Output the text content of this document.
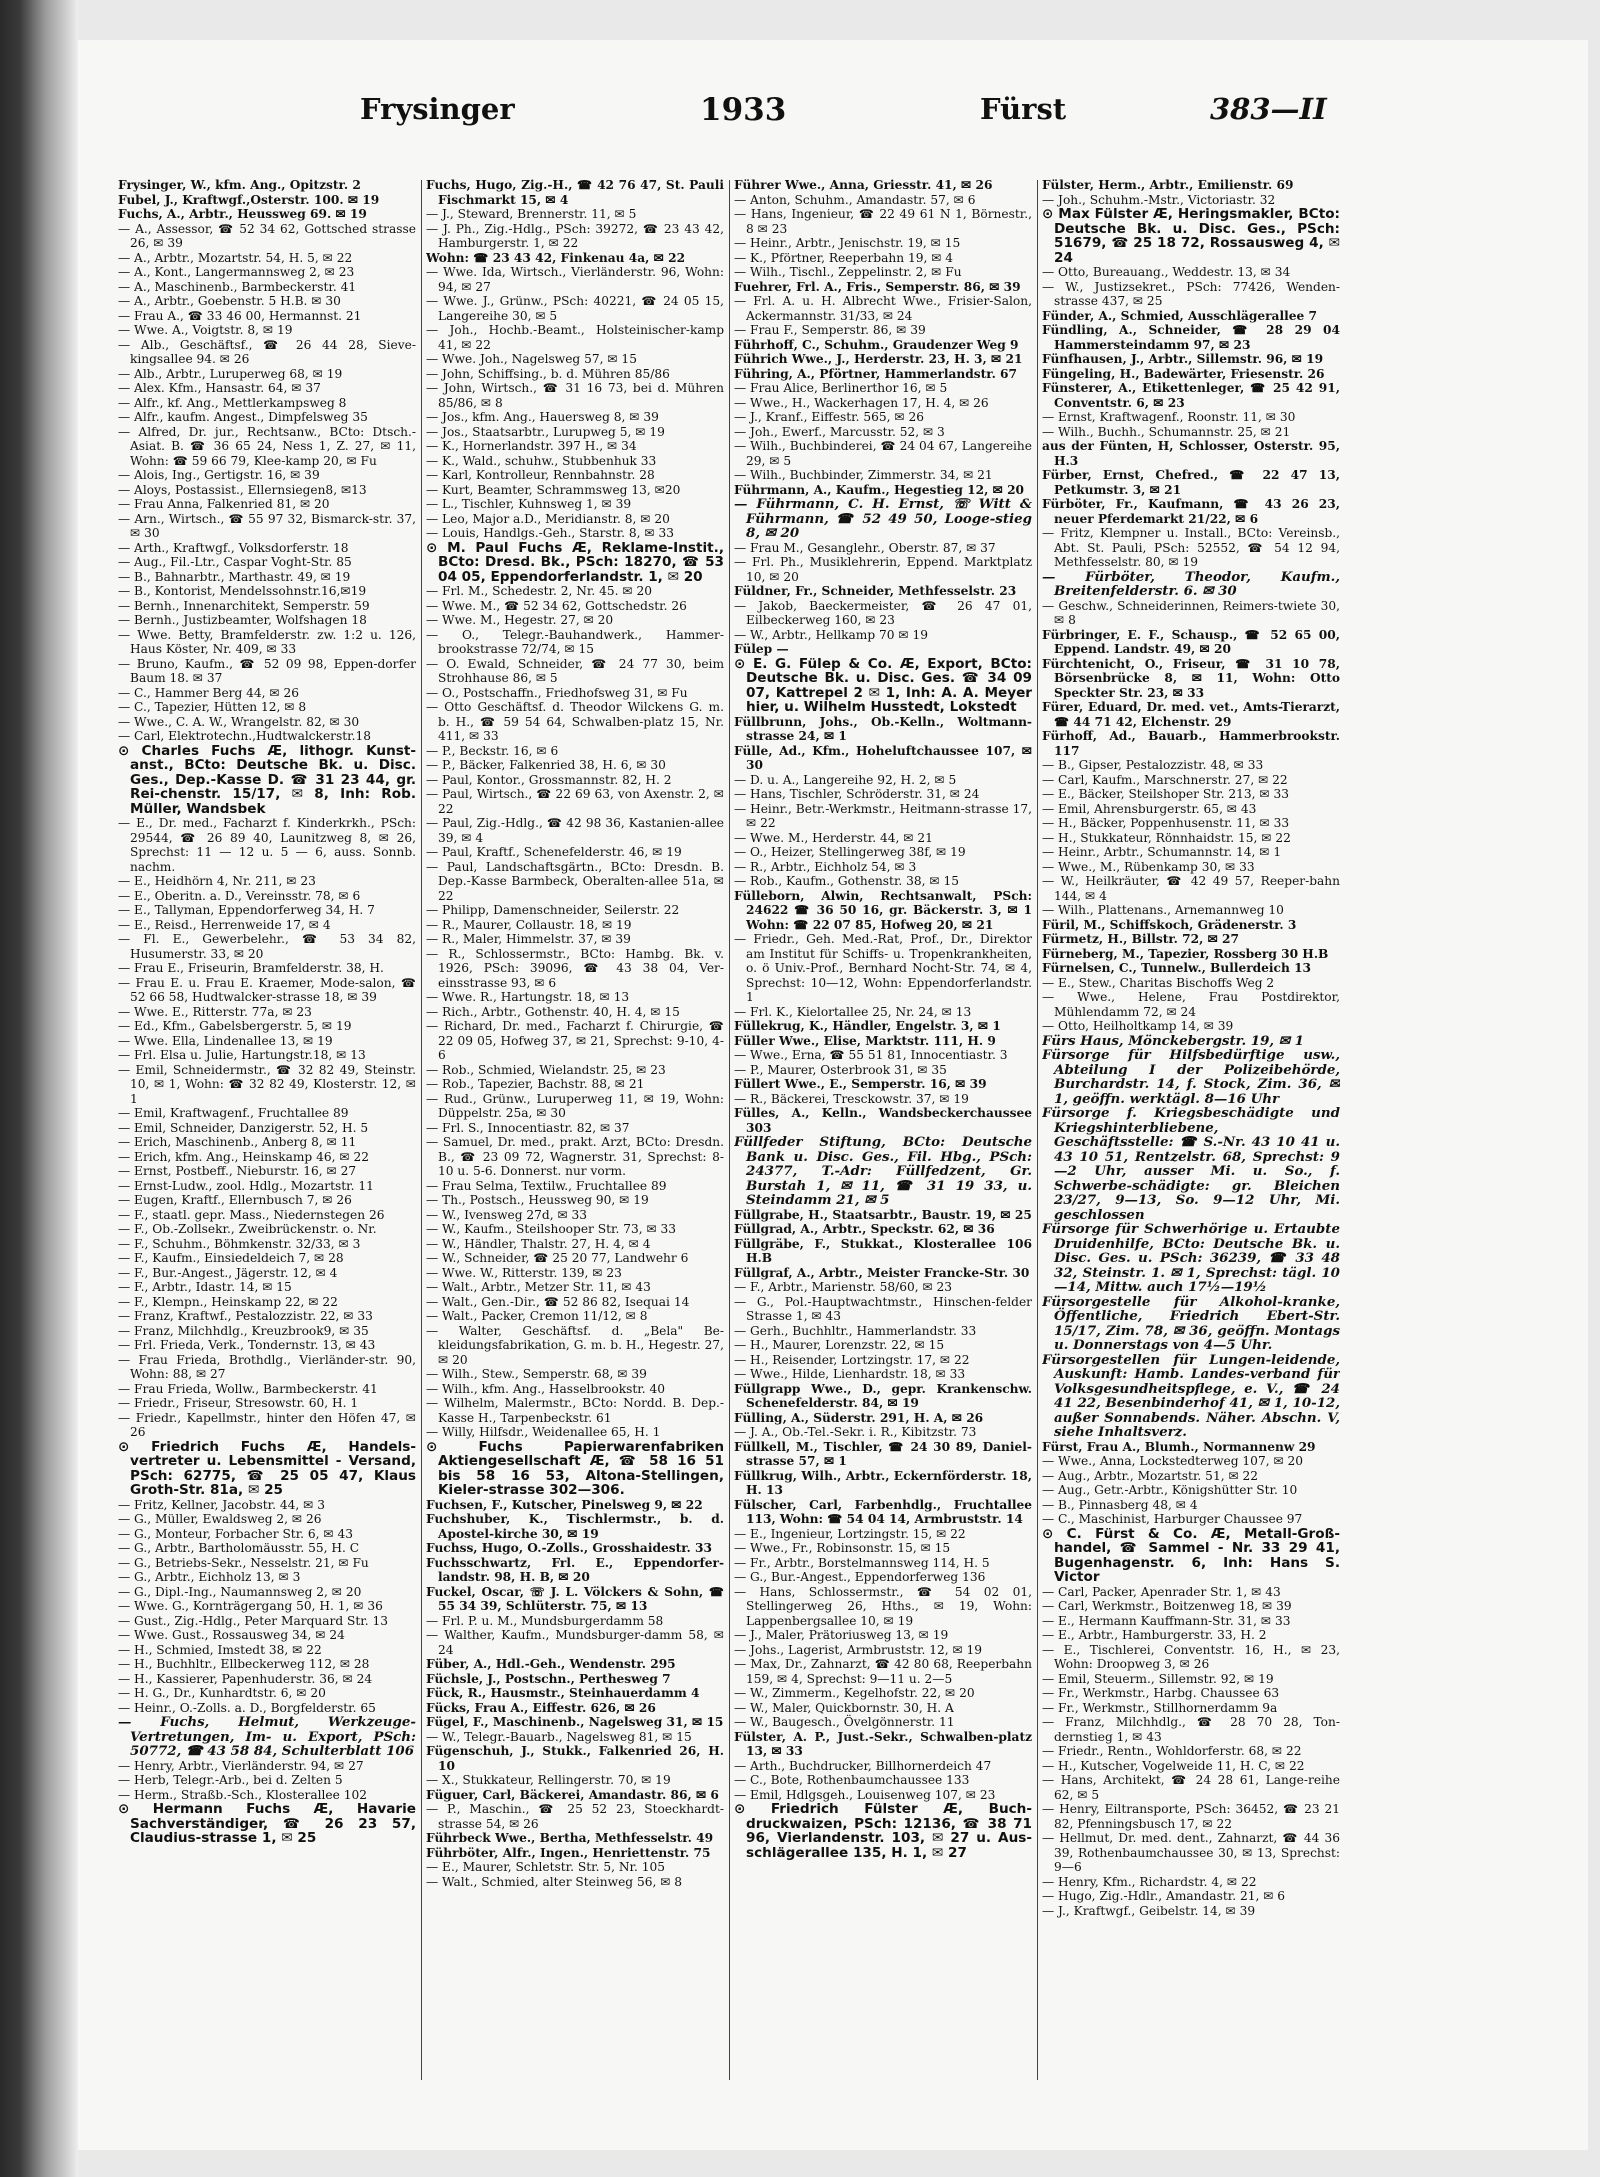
Frysinger	1933	Fürst	383—II

Frysinger, W., kfm. Ang., Opitzstr. 2

Fubel, J., Kraftwgf.,Osterstr. 100. ✉ 19

Fuchs, A., Arbtr., Heussweg 69. ✉ 19

— A., Assessor, ☎ 52 34 62, Gottsched strasse 26, ✉ 39

— A., Arbtr., Mozartstr. 54, H. 5, ✉ 22

— A., Kont., Langermannsweg 2, ✉ 23

— A., Maschinenb., Barmbeckerstr. 41

— A., Arbtr., Goebenstr. 5 H.B. ✉ 30

— Frau A., ☎ 33 46 00, Hermannst. 21

— Wwe. A., Voigtstr. 8, ✉ 19

— Alb., Geschäftsf., ☎ 26 44 28, Sieve-kingsallee 94. ✉ 26

— Alb., Arbtr., Luruperweg 68, ✉ 19

— Alex. Kfm., Hansastr. 64, ✉ 37

— Alfr., kf. Ang., Mettlerkampsweg 8

— Alfr., kaufm. Angest., Dimpfelsweg 35

— Alfred, Dr. jur., Rechtsanw., BCto: Dtsch.-Asiat. B. ☎ 36 65 24, Ness 1, Z. 27, ✉ 11, Wohn: ☎ 59 66 79, Klee-kamp 20, ✉ Fu

— Alois, Ing., Gertigstr. 16, ✉ 39

— Aloys, Postassist., Ellernsiegen8, ✉13

— Frau Anna, Falkenried 81, ✉ 20

— Arn., Wirtsch., ☎ 55 97 32, Bismarck-str. 37, ✉ 30

— Arth., Kraftwgf., Volksdorferstr. 18

— Aug., Fil.-Ltr., Caspar Voght-Str. 85

— B., Bahnarbtr., Marthastr. 49, ✉ 19

— B., Kontorist, Mendelssohnstr.16,✉19

— Bernh., Innenarchitekt, Semperstr. 59

— Bernh., Justizbeamter, Wolfshagen 18

— Wwe. Betty, Bramfelderstr. zw. 1:2 u. 126, Haus Köster, Nr. 409, ✉ 33

— Bruno, Kaufm., ☎ 52 09 98, Eppen-dorfer Baum 18. ✉ 37

— C., Hammer Berg 44, ✉ 26

— C., Tapezier, Hütten 12, ✉ 8

— Wwe., C. A. W., Wrangelstr. 82, ✉ 30

— Carl, Elektrotechn.,Hudtwalckerstr.18

⊙ Charles Fuchs Æ, lithogr. Kunst-anst., BCto: Deutsche Bk. u. Disc. Ges., Dep.-Kasse D. ☎ 31 23 44, gr. Rei-chenstr. 15/17, ✉ 8, Inh: Rob. Müller, Wandsbek

— E., Dr. med., Facharzt f. Kinderkrkh., PSch: 29544, ☎ 26 89 40, Launitzweg 8, ✉ 26, Sprechst: 11 — 12 u. 5 — 6, auss. Sonnb. nachm.

— E., Heidhörn 4, Nr. 211, ✉ 23

— E., Oberitn. a. D., Vereinsstr. 78, ✉ 6

— E., Tallyman, Eppendorferweg 34, H. 7

— E., Reisd., Herrenweide 17, ✉ 4

— Fl. E., Gewerbelehr., ☎ 53 34 82, Husumerstr. 33, ✉ 20

— Frau E., Friseurin, Bramfelderstr. 38, H.

— Frau E. u. Frau E. Kraemer, Mode-salon, ☎ 52 66 58, Hudtwalcker-strasse 18, ✉ 39

— Wwe. E., Ritterstr. 77a, ✉ 23

— Ed., Kfm., Gabelsbergerstr. 5, ✉ 19

— Wwe. Ella, Lindenallee 13, ✉ 19

— Frl. Elsa u. Julie, Hartungstr.18, ✉ 13

— Emil, Schneidermstr., ☎ 32 82 49, Steinstr. 10, ✉ 1, Wohn: ☎ 32 82 49, Klosterstr. 12, ✉ 1

— Emil, Kraftwagenf., Fruchtallee 89

— Emil, Schneider, Danzigerstr. 52, H. 5

— Erich, Maschinenb., Anberg 8, ✉ 11

— Erich, kfm. Ang., Heinskamp 46, ✉ 22

— Ernst, Postbeff., Nieburstr. 16, ✉ 27

— Ernst-Ludw., zool. Hdlg., Mozartstr. 11

— Eugen, Kraftf., Ellernbusch 7, ✉ 26

— F., staatl. gepr. Mass., Niedernstegen 26

— F., Ob.-Zollsekr., Zweibrückenstr. o. Nr.

— F., Schuhm., Böhmkenstr. 32/33, ✉ 3

— F., Kaufm., Einsiedeldeich 7, ✉ 28

— F., Bur.-Angest., Jägerstr. 12, ✉ 4

— F., Arbtr., Idastr. 14, ✉ 15

— F., Klempn., Heinskamp 22, ✉ 22

— Franz, Kraftwf., Pestalozzistr. 22, ✉ 33

— Franz, Milchhdlg., Kreuzbrook9, ✉ 35

— Frl. Frieda, Verk., Tondernstr. 13, ✉ 43

— Frau Frieda, Brothdlg., Vierländer-str. 90, Wohn: 88, ✉ 27

— Frau Frieda, Wollw., Barmbeckerstr. 41

— Friedr., Friseur, Stresowstr. 60, H. 1

— Friedr., Kapellmstr., hinter den Höfen 47, ✉ 26

⊙ Friedrich Fuchs Æ, Handels-vertreter u. Lebensmittel - Versand, PSch: 62775, ☎ 25 05 47, Klaus Groth-Str. 81a, ✉ 25

— Fritz, Kellner, Jacobstr. 44, ✉ 3

— G., Müller, Ewaldsweg 2, ✉ 26

— G., Monteur, Forbacher Str. 6, ✉ 43

— G., Arbtr., Bartholomäusstr. 55, H. C

— G., Betriebs-Sekr., Nesselstr. 21, ✉ Fu

— G., Arbtr., Eichholz 13, ✉ 3

— G., Dipl.-Ing., Naumannsweg 2, ✉ 20

— Wwe. G., Kornträgergang 50, H. 1, ✉ 36

— Gust., Zig.-Hdlg., Peter Marquard Str. 13

— Wwe. Gust., Rossausweg 34, ✉ 24

— H., Schmied, Imstedt 38, ✉ 22

— H., Buchhltr., Ellbeckerweg 112, ✉ 28

— H., Kassierer, Papenhuderstr. 36, ✉ 24

— H. G., Dr., Kunhardtstr. 6, ✉ 20

— Heinr., O.-Zolls. a. D., Borgfelderstr. 65

— Fuchs, Helmut, Werkzeuge-Vertretungen, Im- u. Export, PSch: 50772, ☎ 43 58 84, Schulterblatt 106

— Henry, Arbtr., Vierländerstr. 94, ✉ 27

— Herb, Telegr.-Arb., bei d. Zelten 5

— Herm., Straßb.-Sch., Klosterallee 102

⊙ Hermann Fuchs Æ, Havarie Sachverständiger, ☎ 26 23 57, Claudius-strasse 1, ✉ 25

Fuchs, Hugo, Zig.-H., ☎ 42 76 47, St. Pauli Fischmarkt 15, ✉ 4

— J., Steward, Brennerstr. 11, ✉ 5

— J. Ph., Zig.-Hdlg., PSch: 39272, ☎ 23 43 42, Hamburgerstr. 1, ✉ 22

Wohn: ☎ 23 43 42, Finkenau 4a, ✉ 22

— Wwe. Ida, Wirtsch., Vierländerstr. 96, Wohn: 94, ✉ 27

— Wwe. J., Grünw., PSch: 40221, ☎ 24 05 15, Langereihe 30, ✉ 5

— Joh., Hochb.-Beamt., Holsteinischer-kamp 41, ✉ 22

— Wwe. Joh., Nagelsweg 57, ✉ 15

— John, Schiffsing., b. d. Mühren 85/86

— John, Wirtsch., ☎ 31 16 73, bei d. Mühren 85/86, ✉ 8

— Jos., kfm. Ang., Hauersweg 8, ✉ 39

— Jos., Staatsarbtr., Lurupweg 5, ✉ 19

— K., Hornerlandstr. 397 H., ✉ 34

— K., Wald., schuhw., Stubbenhuk 33

— Karl, Kontrolleur, Rennbahnstr. 28

— Kurt, Beamter, Schrammsweg 13, ✉20

— L., Tischler, Kuhnsweg 1, ✉ 39

— Leo, Major a.D., Meridianstr. 8, ✉ 20

— Louis, Handlgs.-Geh., Starstr. 8, ✉ 33

⊙ M. Paul Fuchs Æ, Reklame-Instit., BCto: Dresd. Bk., PSch: 18270, ☎ 53 04 05, Eppendorferlandstr. 1, ✉ 20

— Frl. M., Schedestr. 2, Nr. 45. ✉ 20

— Wwe. M., ☎ 52 34 62, Gottschedstr. 26

— Wwe. M., Hegestr. 27, ✉ 20

— O., Telegr.-Bauhandwerk., Hammer-brookstrasse 72/74, ✉ 15

— O. Ewald, Schneider, ☎ 24 77 30, beim Strohhause 86, ✉ 5

— O., Postschaffn., Friedhofsweg 31, ✉ Fu

— Otto Geschäftsf. d. Theodor Wilckens G. m. b. H., ☎ 59 54 64, Schwalben-platz 15, Nr. 411, ✉ 33

— P., Beckstr. 16, ✉ 6

— P., Bäcker, Falkenried 38, H. 6, ✉ 30

— Paul, Kontor., Grossmannstr. 82, H. 2

— Paul, Wirtsch., ☎ 22 69 63, von Axenstr. 2, ✉ 22

— Paul, Zig.-Hdlg., ☎ 42 98 36, Kastanien-allee 39, ✉ 4

— Paul, Kraftf., Schenefelderstr. 46, ✉ 19

— Paul, Landschaftsgärtn., BCto: Dresdn. B. Dep.-Kasse Barmbeck, Oberalten-allee 51a, ✉ 22

— Philipp, Damenschneider, Seilerstr. 22

— R., Maurer, Collaustr. 18, ✉ 19

— R., Maler, Himmelstr. 37, ✉ 39

— R., Schlossermstr., BCto: Hambg. Bk. v. 1926, PSch: 39096, ☎ 43 38 04, Ver-einsstrasse 93, ✉ 6

— Wwe. R., Hartungstr. 18, ✉ 13

— Rich., Arbtr., Gothenstr. 40, H. 4, ✉ 15

— Richard, Dr. med., Facharzt f. Chirurgie, ☎ 22 09 05, Hofweg 37, ✉ 21, Sprechst: 9-10, 4-6

— Rob., Schmied, Wielandstr. 25, ✉ 23

— Rob., Tapezier, Bachstr. 88, ✉ 21

— Rud., Grünw., Luruperweg 11, ✉ 19, Wohn: Düppelstr. 25a, ✉ 30

— Frl. S., Innocentiastr. 82, ✉ 37

— Samuel, Dr. med., prakt. Arzt, BCto: Dresdn. B., ☎ 23 09 72, Wagnerstr. 31, Sprechst: 8-10 u. 5-6. Donnerst. nur vorm.

— Frau Selma, Textilw., Fruchtallee 89

— Th., Postsch., Heussweg 90, ✉ 19

— W., Ivensweg 27d, ✉ 33

— W., Kaufm., Steilshooper Str. 73, ✉ 33

— W., Händler, Thalstr. 27, H. 4, ✉ 4

— W., Schneider, ☎ 25 20 77, Landwehr 6

— Wwe. W., Ritterstr. 139, ✉ 23

— Walt., Arbtr., Metzer Str. 11, ✉ 43

— Walt., Gen.-Dir., ☎ 52 86 82, Isequai 14

— Walt., Packer, Cremon 11/12, ✉ 8

— Walter, Geschäftsf. d. „Bela" Be-kleidungsfabrikation, G. m. b. H., Hegestr. 27, ✉ 20

— Wilh., Stew., Semperstr. 68, ✉ 39

— Wilh., kfm. Ang., Hasselbrookstr. 40

— Wilhelm, Malermstr., BCto: Nordd. B. Dep.-Kasse H., Tarpenbeckstr. 61

— Willy, Hilfsdr., Weidenallee 65, H. 1

⊙ Fuchs Papierwarenfabriken Aktiengesellschaft Æ, ☎ 58 16 51 bis 58 16 53, Altona-Stellingen, Kieler-strasse 302—306.

Fuchsen, F., Kutscher, Pinelsweg 9, ✉ 22

Fuchshuber, K., Tischlermstr., b. d. Apostel-kirche 30, ✉ 19

Fuchss, Hugo, O.-Zolls., Grosshaidestr. 33

Fuchsschwartz, Frl. E., Eppendorfer-landstr. 98, H. B, ✉ 20

Fuckel, Oscar, ☏ J. L. Völckers & Sohn, ☎ 55 34 39, Schlüterstr. 75, ✉ 13

— Frl. P. u. M., Mundsburgerdamm 58

— Walther, Kaufm., Mundsburger-damm 58, ✉ 24

Füber, A., Hdl.-Geh., Wendenstr. 295

Füchsle, J., Postschn., Perthesweg 7

Fück, R., Hausmstr., Steinhauerdamm 4

Fücks, Frau A., Eiffestr. 626, ✉ 26

Fügel, F., Maschinenb., Nagelsweg 31, ✉ 15

— W., Telegr.-Bauarb., Nagelsweg 81, ✉ 15

Fügenschuh, J., Stukk., Falkenried 26, H. 10

— X., Stukkateur, Rellingerstr. 70, ✉ 19

Füguer, Carl, Bäckerei, Amandastr. 86, ✉ 6

— P., Maschin., ☎ 25 52 23, Stoeckhardt-strasse 54, ✉ 26

Führbeck Wwe., Bertha, Methfesselstr. 49

Führböter, Alfr., Ingen., Henriettenstr. 75

— E., Maurer, Schletstr. Str. 5, Nr. 105

— Walt., Schmied, alter Steinweg 56, ✉ 8

Führer Wwe., Anna, Griesstr. 41, ✉ 26

— Anton, Schuhm., Amandastr. 57, ✉ 6

— Hans, Ingenieur, ☎ 22 49 61 N 1, Börnestr., 8 ✉ 23

— Heinr., Arbtr., Jenischstr. 19, ✉ 15

— K., Pförtner, Reeperbahn 19, ✉ 4

— Wilh., Tischl., Zeppelinstr. 2, ✉ Fu

Fuehrer, Frl. A., Fris., Semperstr. 86, ✉ 39

— Frl. A. u. H. Albrecht Wwe., Frisier-Salon, Ackermannstr. 31/33, ✉ 24

— Frau F., Semperstr. 86, ✉ 39

Führhoff, C., Schuhm., Graudenzer Weg 9

Führich Wwe., J., Herderstr. 23, H. 3, ✉ 21

Führing, A., Pförtner, Hammerlandstr. 67

— Frau Alice, Berlinerthor 16, ✉ 5

— Wwe., H., Wackerhagen 17, H. 4, ✉ 26

— J., Kranf., Eiffestr. 565, ✉ 26

— Joh., Ewerf., Marcusstr. 52, ✉ 3

— Wilh., Buchbinderei, ☎ 24 04 67, Langereihe 29, ✉ 5

— Wilh., Buchbinder, Zimmerstr. 34, ✉ 21

Führmann, A., Kaufm., Hegestieg 12, ✉ 20

— Führmann, C. H. Ernst, ☏ Witt & Führmann, ☎ 52 49 50, Looge-stieg 8, ✉ 20

— Frau M., Gesanglehr., Oberstr. 87, ✉ 37

— Frl. Ph., Musiklehrerin, Eppend. Marktplatz 10, ✉ 20

Füldner, Fr., Schneider, Methfesselstr. 23

— Jakob, Baeckermeister, ☎ 26 47 01, Eilbeckerweg 160, ✉ 23

— W., Arbtr., Hellkamp 70 ✉ 19

Fülep —

⊙ E. G. Fülep & Co. Æ, Export, BCto: Deutsche Bk. u. Disc. Ges. ☎ 34 09 07, Kattrepel 2 ✉ 1, Inh: A. A. Meyer hier, u. Wilhelm Husstedt, Lokstedt

Füllbrunn, Johs., Ob.-Kelln., Woltmann-strasse 24, ✉ 1

Fülle, Ad., Kfm., Hoheluftchaussee 107, ✉ 30

— D. u. A., Langereihe 92, H. 2, ✉ 5

— Hans, Tischler, Schröderstr. 31, ✉ 24

— Heinr., Betr.-Werkmstr., Heitmann-strasse 17, ✉ 22

— Wwe. M., Herderstr. 44, ✉ 21

— O., Heizer, Stellingerweg 38f, ✉ 19

— R., Arbtr., Eichholz 54, ✉ 3

— Rob., Kaufm., Gothenstr. 38, ✉ 15

Fülleborn, Alwin, Rechtsanwalt, PSch: 24622 ☎ 36 50 16, gr. Bäckerstr. 3, ✉ 1 Wohn: ☎ 22 07 85, Hofweg 20, ✉ 21

— Friedr., Geh. Med.-Rat, Prof., Dr., Direktor am Institut für Schiffs- u. Tropenkrankheiten, o. ö Univ.-Prof., Bernhard Nocht-Str. 74, ✉ 4, Sprechst: 10—12, Wohn: Eppendorferlandstr. 1

— Frl. K., Kielortallee 25, Nr. 24, ✉ 13

Füllekrug, K., Händler, Engelstr. 3, ✉ 1

Füller Wwe., Elise, Marktstr. 111, H. 9

— Wwe., Erna, ☎ 55 51 81, Innocentiastr. 3

— P., Maurer, Osterbrook 31, ✉ 35

Füllert Wwe., E., Semperstr. 16, ✉ 39

— R., Bäckerei, Tresckowstr. 37, ✉ 19

Fülles, A., Kelln., Wandsbeckerchaussee 303

Füllfeder Stiftung, BCto: Deutsche Bank u. Disc. Ges., Fil. Hbg., PSch: 24377, T.-Adr: Füllfedzent, Gr. Burstah 1, ✉ 11, ☎ 31 19 33, u. Steindamm 21, ✉ 5

Füllgrabe, H., Staatsarbtr., Baustr. 19, ✉ 25

Füllgrad, A., Arbtr., Speckstr. 62, ✉ 36

Füllgräbe, F., Stukkat., Klosterallee 106 H.B

Füllgraf, A., Arbtr., Meister Francke-Str. 30

— F., Arbtr., Marienstr. 58/60, ✉ 23

— G., Pol.-Hauptwachtmstr., Hinschen-felder Strasse 1, ✉ 43

— Gerh., Buchhltr., Hammerlandstr. 33

— H., Maurer, Lorenzstr. 22, ✉ 15

— H., Reisender, Lortzingstr. 17, ✉ 22

— Wwe., Hilde, Lienhardstr. 18, ✉ 33

Füllgrapp Wwe., D., gepr. Krankenschw. Schenefelderstr. 84, ✉ 19

Fülling, A., Süderstr. 291, H. A, ✉ 26

— J. A., Ob.-Tel.-Sekr. i. R., Kibitzstr. 73

Füllkell, M., Tischler, ☎ 24 30 89, Daniel-strasse 57, ✉ 1

Füllkrug, Wilh., Arbtr., Eckernförderstr. 18, H. 13

Fülscher, Carl, Farbenhdlg., Fruchtallee 113, Wohn: ☎ 54 04 14, Armbruststr. 14

— E., Ingenieur, Lortzingstr. 15, ✉ 22

— Wwe., Fr., Robinsonstr. 15, ✉ 15

— Fr., Arbtr., Borstelmannsweg 114, H. 5

— G., Bur.-Angest., Eppendorferweg 136

— Hans, Schlossermstr., ☎ 54 02 01, Stellingerweg 26, Hths., ✉ 19, Wohn: Lappenbergsallee 10, ✉ 19

— J., Maler, Prätoriusweg 13, ✉ 19

— Johs., Lagerist, Armbruststr. 12, ✉ 19

— Max, Dr., Zahnarzt, ☎ 42 80 68, Reeperbahn 159, ✉ 4, Sprechst: 9—11 u. 2—5

— W., Zimmerm., Kegelhofstr. 22, ✉ 20

— W., Maler, Quickbornstr. 30, H. A

— W., Baugesch., Övelgönnerstr. 11

Fülster, A. P., Just.-Sekr., Schwalben-platz 13, ✉ 33

— Arth., Buchdrucker, Billhornerdeich 47

— C., Bote, Rothenbaumchaussee 133

— Emil, Hdlgsgeh., Louisenweg 107, ✉ 23

⊙ Friedrich Fülster Æ, Buch-druckwaizen, PSch: 12136, ☎ 38 71 96, Vierlandenstr. 103, ✉ 27 u. Aus-schlägerallee 135, H. 1, ✉ 27

Fülster, Herm., Arbtr., Emilienstr. 69

— Joh., Schuhm.-Mstr., Victoriastr. 32

⊙ Max Fülster Æ, Heringsmakler, BCto: Deutsche Bk. u. Disc. Ges., PSch: 51679, ☎ 25 18 72, Rossausweg 4, ✉ 24

— Otto, Bureauang., Weddestr. 13, ✉ 34

— W., Justizsekret., PSch: 77426, Wenden-strasse 437, ✉ 25

Fünder, A., Schmied, Ausschlägerallee 7

Fündling, A., Schneider, ☎ 28 29 04 Hammersteindamm 97, ✉ 23

Fünfhausen, J., Arbtr., Sillemstr. 96, ✉ 19

Füngeling, H., Badewärter, Friesenstr. 26

Fünsterer, A., Etikettenleger, ☎ 25 42 91, Conventstr. 6, ✉ 23

— Ernst, Kraftwagenf., Roonstr. 11, ✉ 30

— Wilh., Buchh., Schumannstr. 25, ✉ 21

aus der Fünten, H, Schlosser, Osterstr. 95, H.3

Fürber, Ernst, Chefred., ☎ 22 47 13, Petkumstr. 3, ✉ 21

Fürböter, Fr., Kaufmann, ☎ 43 26 23, neuer Pferdemarkt 21/22, ✉ 6

— Fritz, Klempner u. Install., BCto: Vereinsb., Abt. St. Pauli, PSch: 52552, ☎ 54 12 94, Methfesselstr. 80, ✉ 19

— Fürböter, Theodor, Kaufm., Breitenfelderstr. 6. ✉ 30

— Geschw., Schneiderinnen, Reimers-twiete 30, ✉ 8

Fürbringer, E. F., Schausp., ☎ 52 65 00, Eppend. Landstr. 49, ✉ 20

Fürchtenicht, O., Friseur, ☎ 31 10 78, Börsenbrücke 8, ✉ 11, Wohn: Otto Speckter Str. 23, ✉ 33

Fürer, Eduard, Dr. med. vet., Amts-Tierarzt, ☎ 44 71 42, Elchenstr. 29

Fürhoff, Ad., Bauarb., Hammerbrookstr. 117

— B., Gipser, Pestalozzistr. 48, ✉ 33

— Carl, Kaufm., Marschnerstr. 27, ✉ 22

— E., Bäcker, Steilshoper Str. 213, ✉ 33

— Emil, Ahrensburgerstr. 65, ✉ 43

— H., Bäcker, Poppenhusenstr. 11, ✉ 33

— H., Stukkateur, Rönnhaidstr. 15, ✉ 22

— Heinr., Arbtr., Schumannstr. 14, ✉ 1

— Wwe., M., Rübenkamp 30, ✉ 33

— W., Heilkräuter, ☎ 42 49 57, Reeper-bahn 144, ✉ 4

— Wilh., Plattenans., Arnemannweg 10

Füril, M., Schiffskoch, Grädenerstr. 3

Fürmetz, H., Billstr. 72, ✉ 27

Fürneberg, M., Tapezier, Rossberg 30 H.B

Fürnelsen, C., Tunnelw., Bullerdeich 13

— E., Stew., Charitas Bischoffs Weg 2

— Wwe., Helene, Frau Postdirektor, Mühlendamm 72, ✉ 24

— Otto, Heilholtkamp 14, ✉ 39

Fürs Haus, Mönckebergstr. 19, ✉ 1

Fürsorge für Hilfsbedürftige usw., Abteilung I der Polizeibehörde, Burchardstr. 14, f. Stock, Zim. 36, ✉ 1, geöffn. werktägl. 8—16 Uhr

Fürsorge f. Kriegsbeschädigte und Kriegshinterbliebene, Geschäftsstelle: ☎ S.-Nr. 43 10 41 u. 43 10 51, Rentzelstr. 68, Sprechst: 9—2 Uhr, ausser Mi. u. So., f. Schwerbe-schädigte: gr. Bleichen 23/27, 9—13, So. 9—12 Uhr, Mi. geschlossen

Fürsorge für Schwerhörige u. Ertaubte Druidenhilfe, BCto: Deutsche Bk. u. Disc. Ges. u. PSch: 36239, ☎ 33 48 32, Steinstr. 1. ✉ 1, Sprechst: tägl. 10—14, Mittw. auch 17½—19½

Fürsorgestelle für Alkohol-kranke, Öffentliche, Friedrich Ebert-Str. 15/17, Zim. 78, ✉ 36, geöffn. Montags u. Donnerstags von 4—5 Uhr.

Fürsorgestellen für Lungen-leidende, Auskunft: Hamb. Landes-verband für Volksgesundheitspflege, e. V., ☎ 24 41 22, Besenbinderhof 41, ✉ 1, 10-12, außer Sonnabends. Näher. Abschn. V, siehe Inhaltsverz.

Fürst, Frau A., Blumh., Normannenw 29

— Wwe., Anna, Lockstedterweg 107, ✉ 20

— Aug., Arbtr., Mozartstr. 51, ✉ 22

— Aug., Getr.-Arbtr., Königshütter Str. 10

— B., Pinnasberg 48, ✉ 4

— C., Maschinist, Harburger Chaussee 97

⊙ C. Fürst & Co. Æ, Metall-Groß-handel, ☎ Sammel - Nr. 33 29 41, Bugenhagenstr. 6, Inh: Hans S. Victor

— Carl, Packer, Apenrader Str. 1, ✉ 43

— Carl, Werkmstr., Boitzenweg 18, ✉ 39

— E., Hermann Kauffmann-Str. 31, ✉ 33

— E., Arbtr., Hamburgerstr. 33, H. 2

— E., Tischlerei, Conventstr. 16, H., ✉ 23, Wohn: Droopweg 3, ✉ 26

— Emil, Steuerm., Sillemstr. 92, ✉ 19

— Fr., Werkmstr., Harbg. Chaussee 63

— Fr., Werkmstr., Stillhornerdamm 9a

— Franz, Milchhdlg., ☎ 28 70 28, Ton-dernstieg 1, ✉ 43

— Friedr., Rentn., Wohldorferstr. 68, ✉ 22

— H., Kutscher, Vogelweide 11, H. C, ✉ 22

— Hans, Architekt, ☎ 24 28 61, Lange-reihe 62, ✉ 5

— Henry, Eiltransporte, PSch: 36452, ☎ 23 21 82, Pfenningsbusch 17, ✉ 22

— Hellmut, Dr. med. dent., Zahnarzt, ☎ 44 36 39, Rothenbaumchaussee 30, ✉ 13, Sprechst: 9—6

— Henry, Kfm., Richardstr. 4, ✉ 22

— Hugo, Zig.-Hdlr., Amandastr. 21, ✉ 6

— J., Kraftwgf., Geibelstr. 14, ✉ 39
